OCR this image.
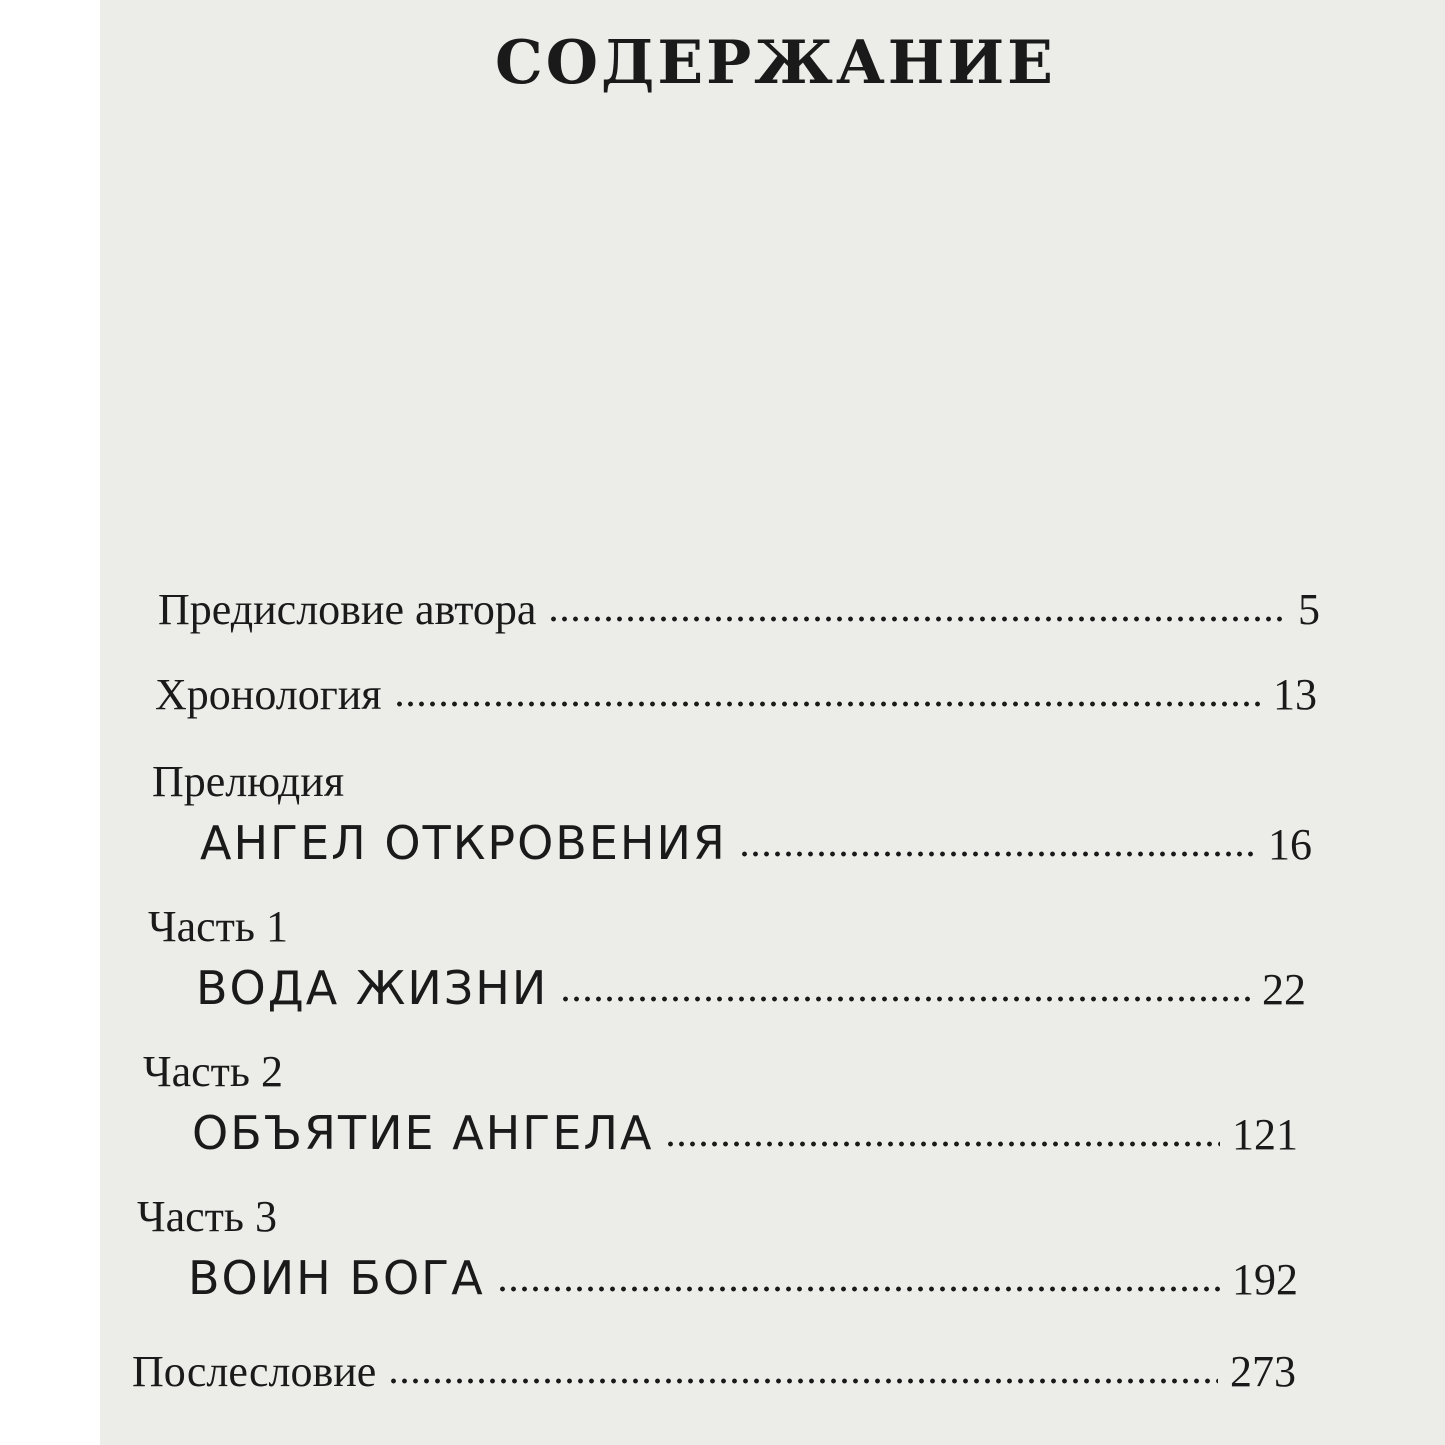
СОДЕРЖАНИЕ
Предисловие автора	5
Хронология	13
Прелюдия
АНГЕЛ ОТКРОВЕНИЯ	16
Часть 1
ВОДА ЖИЗНИ	22
Часть 2
ОБЪЯТИЕ АНГЕЛА	121
Часть 3
ВОИН БОГА	192
Послесловие	273
